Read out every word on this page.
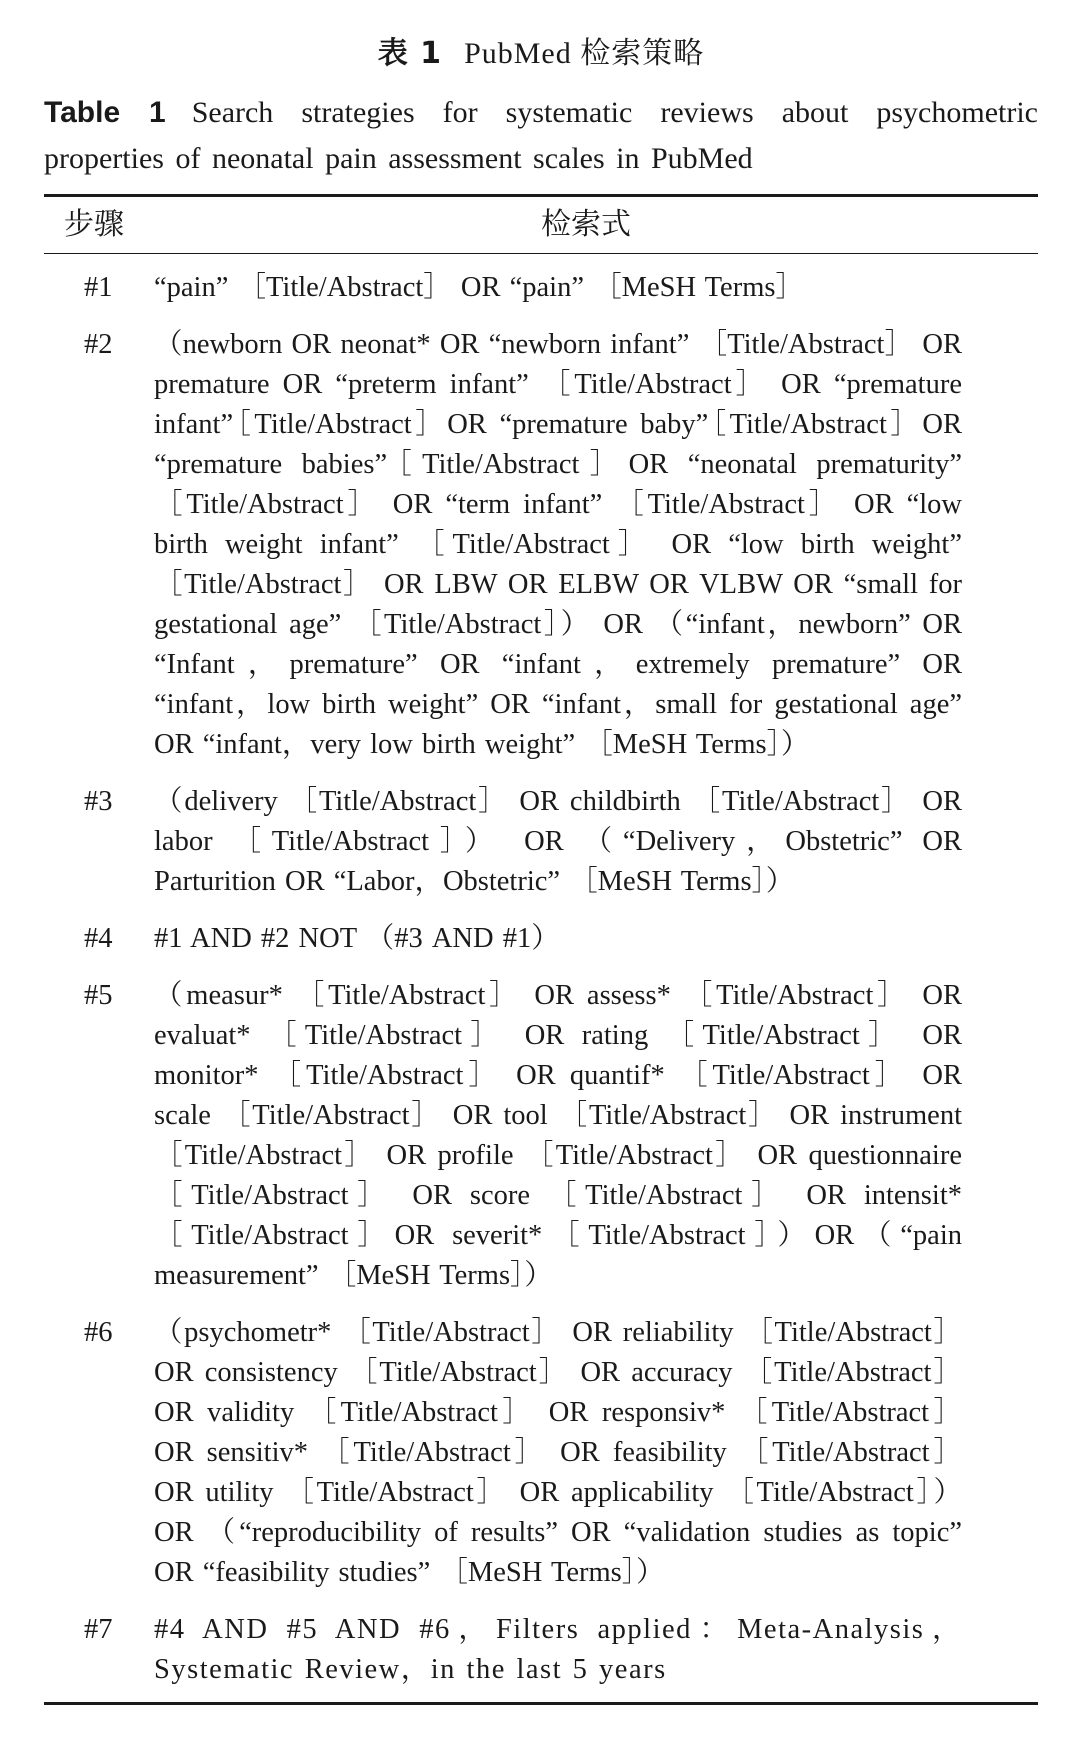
表 1 PubMed 检索策略
Table 1 Search strategies for systematic reviews about psychometric properties of neonatal pain assessment scales in PubMed
步骤	检索式
#1	“pain” ［Title/Abstract］ OR “pain” ［MeSH Terms］
#2	（newborn OR neonat* OR “newborn infant” ［Title/Abstract］ OR premature OR “preterm infant” ［Title/Abstract］ OR “premature infant”［Title/Abstract］OR “premature baby”［Title/Abstract］OR “premature babies”［Title/Abstract］OR “neonatal prematurity” ［Title/Abstract］ OR “term infant” ［Title/Abstract］ OR “low birth weight infant” ［Title/Abstract］ OR “low birth weight” ［Title/Abstract］ OR LBW OR ELBW OR VLBW OR “small for gestational age” ［Title/Abstract］） OR （“infant，newborn” OR “Infant，premature” OR “infant，extremely premature” OR “infant，low birth weight” OR “infant，small for gestational age” OR “infant，very low birth weight” ［MeSH Terms］）
#3	（delivery ［Title/Abstract］ OR childbirth ［Title/Abstract］ OR labor ［Title/Abstract］） OR （“Delivery，Obstetric” OR Parturition OR “Labor，Obstetric” ［MeSH Terms］）
#4	#1 AND #2 NOT （#3 AND #1）
#5	（measur* ［Title/Abstract］ OR assess* ［Title/Abstract］ OR evaluat* ［Title/Abstract］ OR rating ［Title/Abstract］ OR monitor* ［Title/Abstract］ OR quantif* ［Title/Abstract］ OR scale ［Title/Abstract］ OR tool ［Title/Abstract］ OR instrument ［Title/Abstract］ OR profile ［Title/Abstract］ OR questionnaire ［Title/Abstract］ OR score ［Title/Abstract］ OR intensit*［Title/Abstract］OR severit*［Title/Abstract］）OR（“pain measurement” ［MeSH Terms］）
#6	（psychometr* ［Title/Abstract］ OR reliability ［Title/Abstract］ OR consistency ［Title/Abstract］ OR accuracy ［Title/Abstract］ OR validity ［Title/Abstract］ OR responsiv* ［Title/Abstract］ OR sensitiv* ［Title/Abstract］ OR feasibility ［Title/Abstract］ OR utility ［Title/Abstract］ OR applicability ［Title/Abstract］） OR （“reproducibility of results” OR “validation studies as topic” OR “feasibility studies” ［MeSH Terms］）
#7	#4 AND #5 AND #6，Filters applied：Meta-Analysis，Systematic Review，in the last 5 years
